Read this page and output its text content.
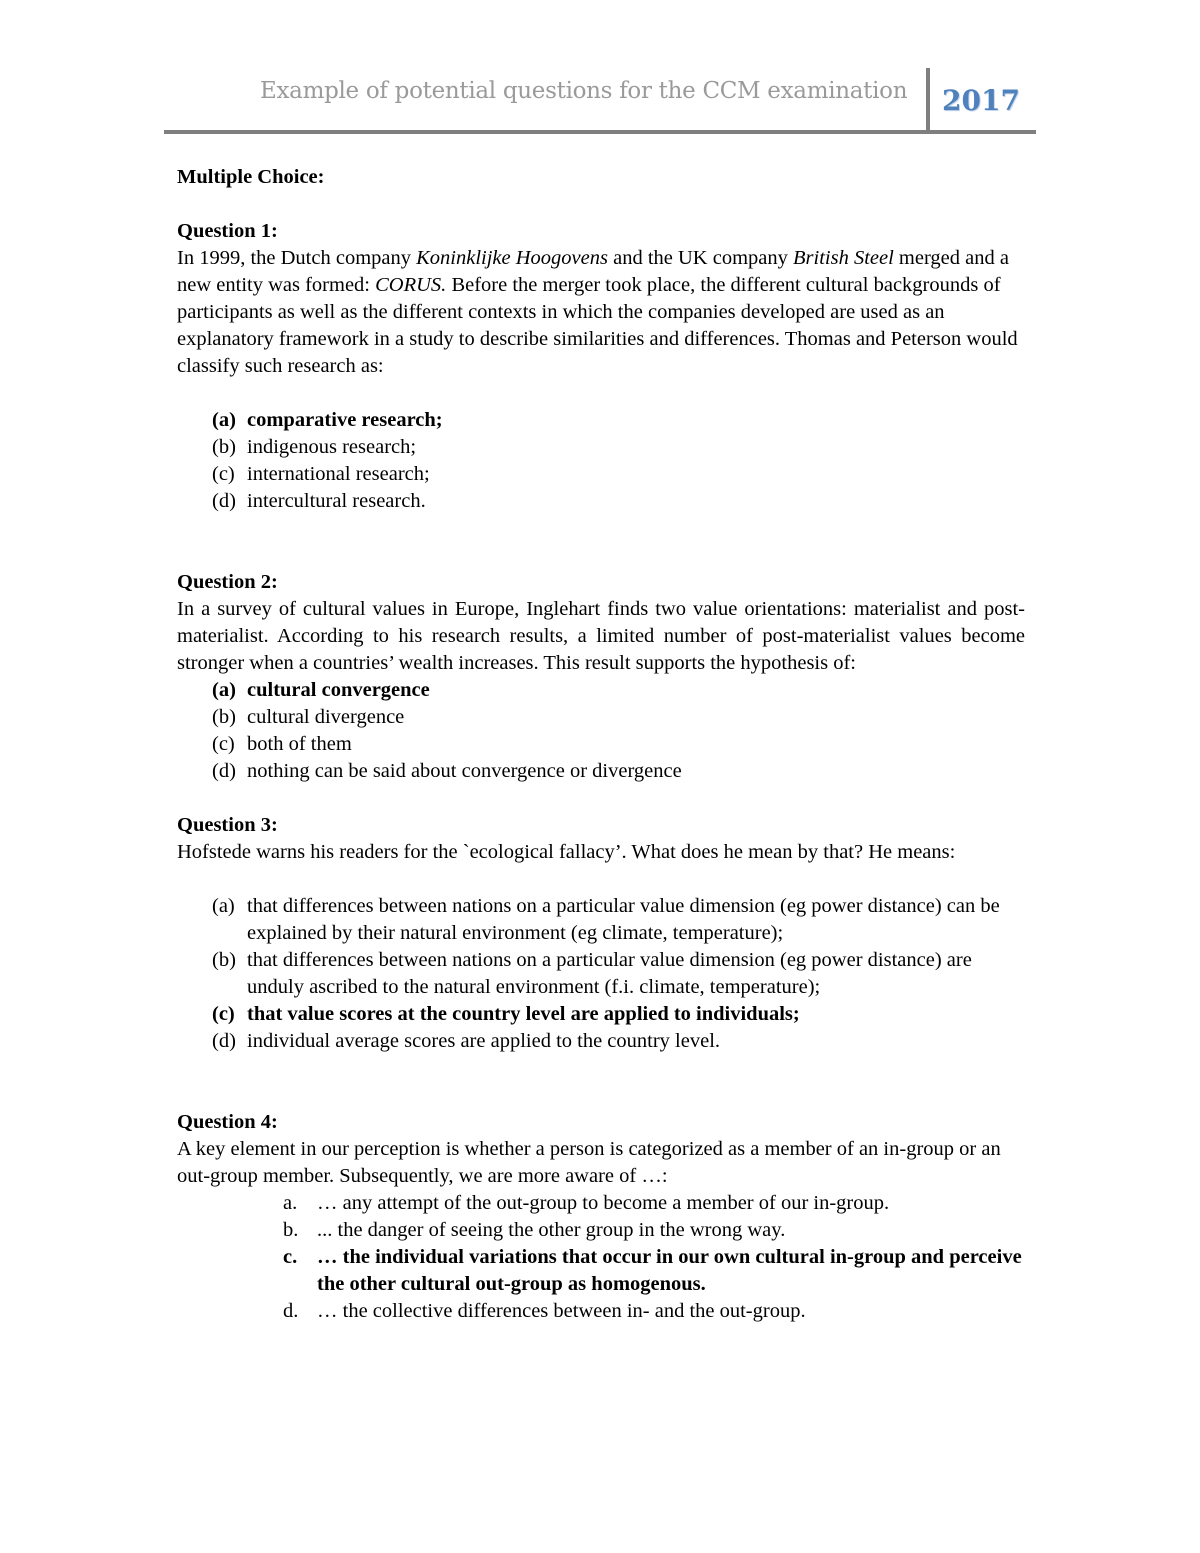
Example of potential questions for the CCM examination 2017

Multiple Choice:

Question 1:

In 1999, the Dutch company Koninklijke Hoogovens and the UK company British Steel merged and a new entity was formed: CORUS. Before the merger took place, the different cultural backgrounds of participants as well as the different contexts in which the companies developed are used as an explanatory framework in a study to describe similarities and differences. Thomas and Peterson would classify such research as:

(a) comparative research;
(b) indigenous research;
(c) international research;
(d) intercultural research.

Question 2:

In a survey of cultural values in Europe, Inglehart finds two value orientations: materialist and post-materialist. According to his research results, a limited number of post-materialist values become stronger when a countries’ wealth increases. This result supports the hypothesis of:

(a) cultural convergence
(b) cultural divergence
(c) both of them
(d) nothing can be said about convergence or divergence

Question 3:

Hofstede warns his readers for the `ecological fallacy’. What does he mean by that? He means:

(a) that differences between nations on a particular value dimension (eg power distance) can be explained by their natural environment (eg climate, temperature);
(b) that differences between nations on a particular value dimension (eg power distance) are unduly ascribed to the natural environment (f.i. climate, temperature);
(c) that value scores at the country level are applied to individuals;
(d) individual average scores are applied to the country level.

Question 4:

A key element in our perception is whether a person is categorized as a member of an in-group or an out-group member. Subsequently, we are more aware of …:

a. … any attempt of the out-group to become a member of our in-group.
b. ... the danger of seeing the other group in the wrong way.
c. … the individual variations that occur in our own cultural in-group and perceive the other cultural out-group as homogenous.
d. … the collective differences between in- and the out-group.
